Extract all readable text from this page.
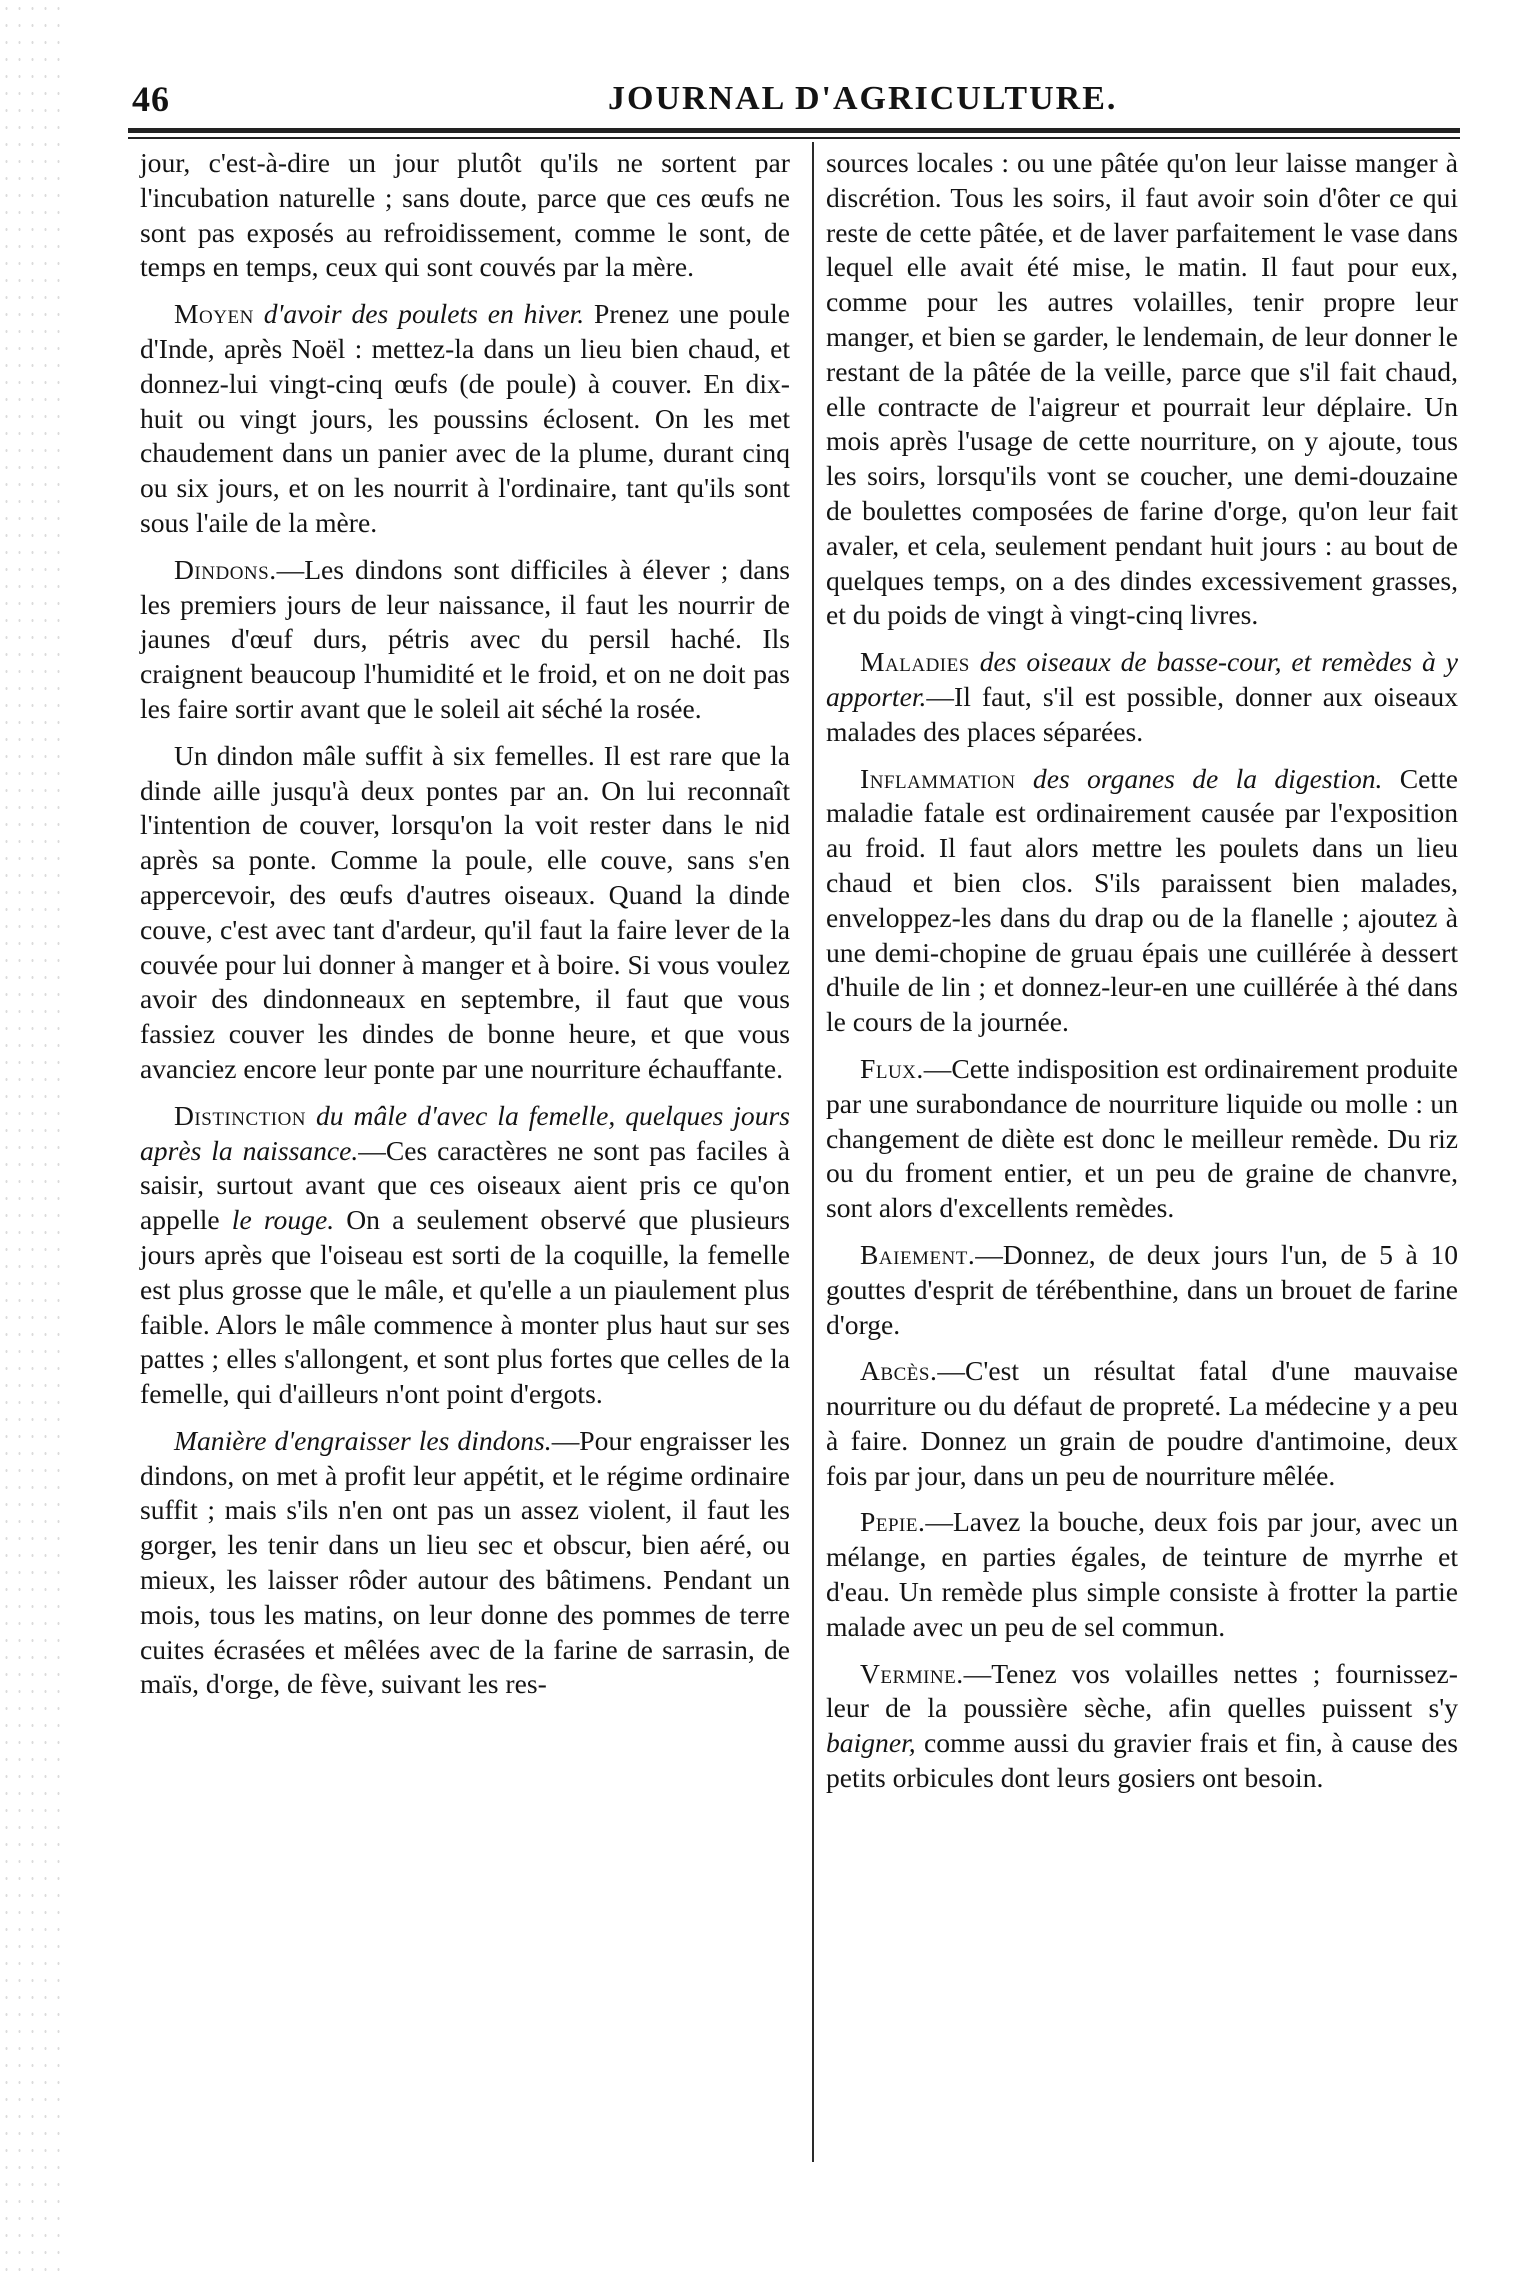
46	JOURNAL D'AGRICULTURE.

jour, c'est-à-dire un jour plutôt qu'ils ne sortent par l'incubation naturelle ; sans doute, parce que ces œufs ne sont pas exposés au refroidissement, comme le sont, de temps en temps, ceux qui sont couvés par la mère.

Moyen d'avoir des poulets en hiver. Prenez une poule d'Inde, après Noël : mettez-la dans un lieu bien chaud, et donnez-lui vingt-cinq œufs (de poule) à couver. En dix-huit ou vingt jours, les poussins éclosent. On les met chaudement dans un panier avec de la plume, durant cinq ou six jours, et on les nourrit à l'ordinaire, tant qu'ils sont sous l'aile de la mère.

Dindons.—Les dindons sont difficiles à élever ; dans les premiers jours de leur naissance, il faut les nourrir de jaunes d'œuf durs, pétris avec du persil haché. Ils craignent beaucoup l'humidité et le froid, et on ne doit pas les faire sortir avant que le soleil ait séché la rosée.

Un dindon mâle suffit à six femelles. Il est rare que la dinde aille jusqu'à deux pontes par an. On lui reconnaît l'intention de couver, lorsqu'on la voit rester dans le nid après sa ponte. Comme la poule, elle couve, sans s'en appercevoir, des œufs d'autres oiseaux. Quand la dinde couve, c'est avec tant d'ardeur, qu'il faut la faire lever de la couvée pour lui donner à manger et à boire. Si vous voulez avoir des dindonneaux en septembre, il faut que vous fassiez couver les dindes de bonne heure, et que vous avanciez encore leur ponte par une nourriture échauffante.

Distinction du mâle d'avec la femelle, quelques jours après la naissance.—Ces caractères ne sont pas faciles à saisir, surtout avant que ces oiseaux aient pris ce qu'on appelle le rouge. On a seulement observé que plusieurs jours après que l'oiseau est sorti de la coquille, la femelle est plus grosse que le mâle, et qu'elle a un piaulement plus faible. Alors le mâle commence à monter plus haut sur ses pattes ; elles s'allongent, et sont plus fortes que celles de la femelle, qui d'ailleurs n'ont point d'ergots.

Manière d'engraisser les dindons.—Pour engraisser les dindons, on met à profit leur appétit, et le régime ordinaire suffit ; mais s'ils n'en ont pas un assez violent, il faut les gorger, les tenir dans un lieu sec et obscur, bien aéré, ou mieux, les laisser rôder autour des bâtimens. Pendant un mois, tous les matins, on leur donne des pommes de terre cuites écrasées et mêlées avec de la farine de sarrasin, de maïs, d'orge, de fève, suivant les res-

sources locales : ou une pâtée qu'on leur laisse manger à discrétion. Tous les soirs, il faut avoir soin d'ôter ce qui reste de cette pâtée, et de laver parfaitement le vase dans lequel elle avait été mise, le matin. Il faut pour eux, comme pour les autres volailles, tenir propre leur manger, et bien se garder, le lendemain, de leur donner le restant de la pâtée de la veille, parce que s'il fait chaud, elle contracte de l'aigreur et pourrait leur déplaire. Un mois après l'usage de cette nourriture, on y ajoute, tous les soirs, lorsqu'ils vont se coucher, une demi-douzaine de boulettes composées de farine d'orge, qu'on leur fait avaler, et cela, seulement pendant huit jours : au bout de quelques temps, on a des dindes excessivement grasses, et du poids de vingt à vingt-cinq livres.

Maladies des oiseaux de basse-cour, et remèdes à y apporter.—Il faut, s'il est possible, donner aux oiseaux malades des places séparées.

Inflammation des organes de la digestion. Cette maladie fatale est ordinairement causée par l'exposition au froid. Il faut alors mettre les poulets dans un lieu chaud et bien clos. S'ils paraissent bien malades, enveloppez-les dans du drap ou de la flanelle ; ajoutez à une demi-chopine de gruau épais une cuillérée à dessert d'huile de lin ; et donnez-leur-en une cuillérée à thé dans le cours de la journée.

Flux.—Cette indisposition est ordinairement produite par une surabondance de nourriture liquide ou molle : un changement de diète est donc le meilleur remède. Du riz ou du froment entier, et un peu de graine de chanvre, sont alors d'excellents remèdes.

Baiement.—Donnez, de deux jours l'un, de 5 à 10 gouttes d'esprit de térébenthine, dans un brouet de farine d'orge.

Abcès.—C'est un résultat fatal d'une mauvaise nourriture ou du défaut de propreté. La médecine y a peu à faire. Donnez un grain de poudre d'antimoine, deux fois par jour, dans un peu de nourriture mêlée.

Pepie.—Lavez la bouche, deux fois par jour, avec un mélange, en parties égales, de teinture de myrrhe et d'eau. Un remède plus simple consiste à frotter la partie malade avec un peu de sel commun.

Vermine.—Tenez vos volailles nettes ; fournissez-leur de la poussière sèche, afin quelles puissent s'y baigner, comme aussi du gravier frais et fin, à cause des petits orbicules dont leurs gosiers ont besoin.
